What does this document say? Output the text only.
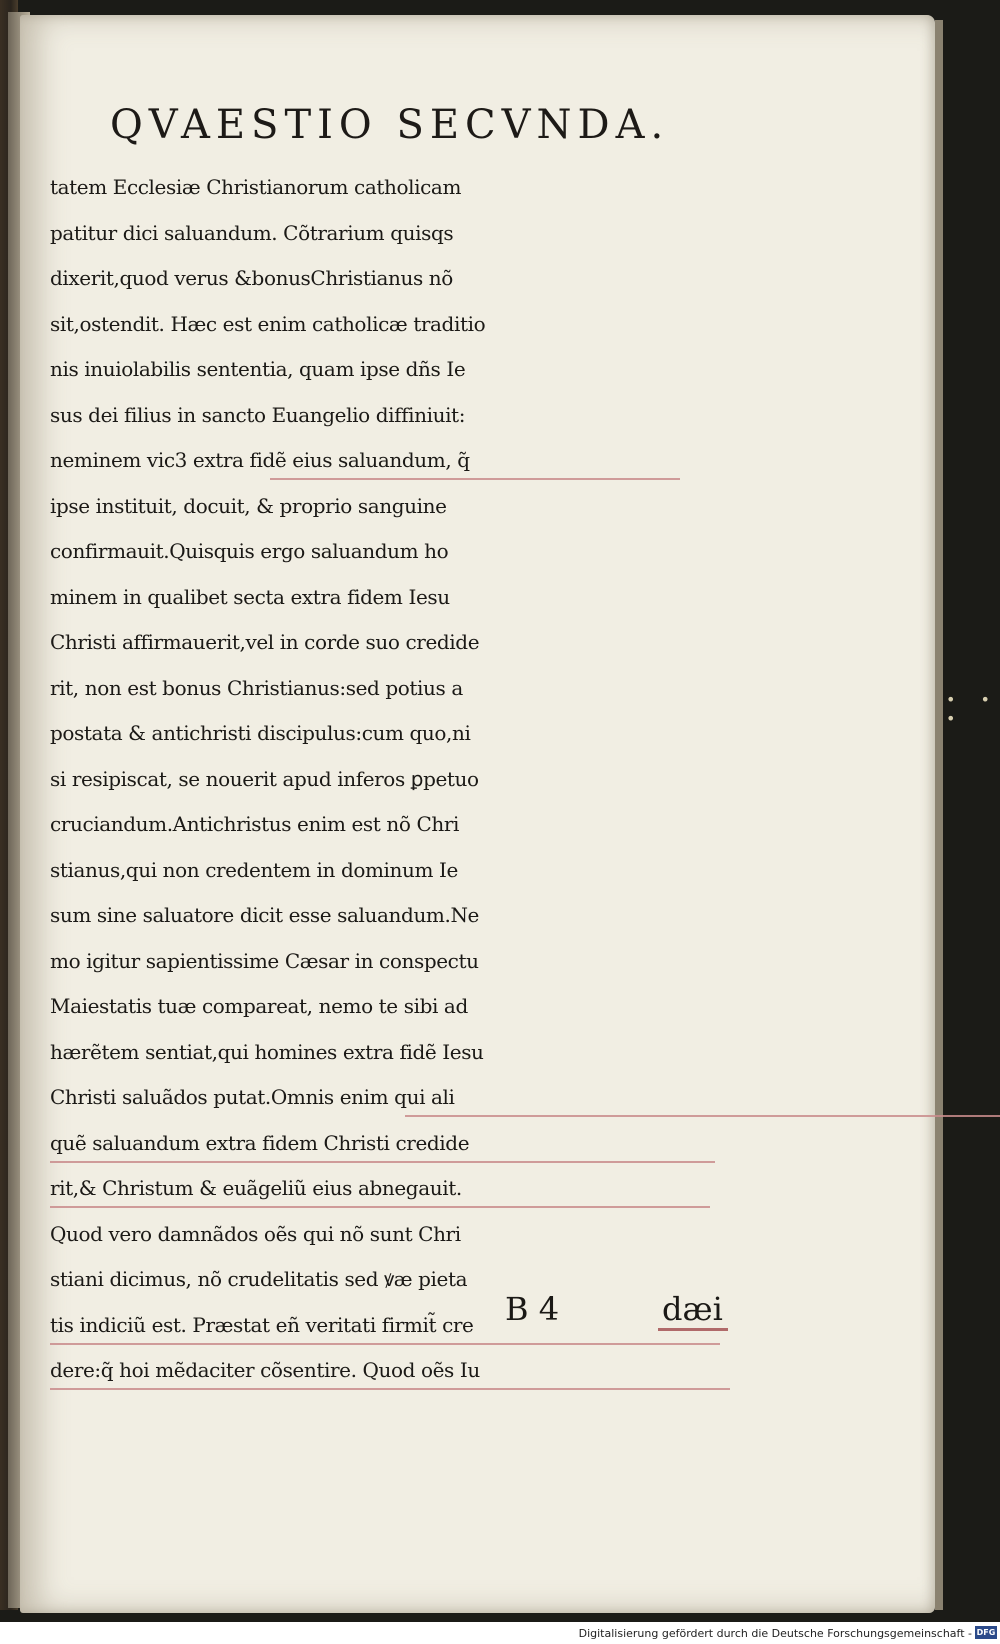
• • •
QVAESTIO SECVNDA.
tatem Ecclesiæ Christianorum catholicam
patitur dici saluandum. Cõtrarium quisqs
dixerit,quod verus &bonusChristianus nõ
sit,ostendit. Hæc est enim catholicæ traditio
nis inuiolabilis sententia, quam ipse dñs Ie
sus dei filius in sancto Euangelio diffiniuit:
neminem vic3 extra fidẽ eius saluandum, q̃
ipse instituit, docuit, & proprio sanguine
confirmauit.Quisquis ergo saluandum ho
minem in qualibet secta extra fidem Iesu
Christi affirmauerit,vel in corde suo credide
rit, non est bonus Christianus:sed potius a
postata & antichristi discipulus:cum quo,ni
si resipiscat, se nouerit apud inferos ꝑpetuo
cruciandum.Antichristus enim est nõ Chri
stianus,qui non credentem in dominum Ie
sum sine saluatore dicit esse saluandum.Ne
mo igitur sapientissime Cæsar in conspectu
Maiestatis tuæ compareat, nemo te sibi ad
hærẽtem sentiat,qui homines extra fidẽ Iesu
Christi saluãdos putat.Omnis enim qui ali
quẽ saluandum extra fidem Christi credide
rit,& Christum & euãgeliũ eius abnegauit.
Quod vero damnãdos oẽs qui nõ sunt Chri
stiani dicimus, nõ crudelitatis sed ꝟæ pieta
tis indiciũ est. Præstat eñ veritati firmit̃ cre
dere:q̃ hoi mẽdaciter cõsentire. Quod oẽs Iu
B 4	dæi
Digitalisierung gefördert durch die Deutsche Forschungsgemeinschaft - DFG
